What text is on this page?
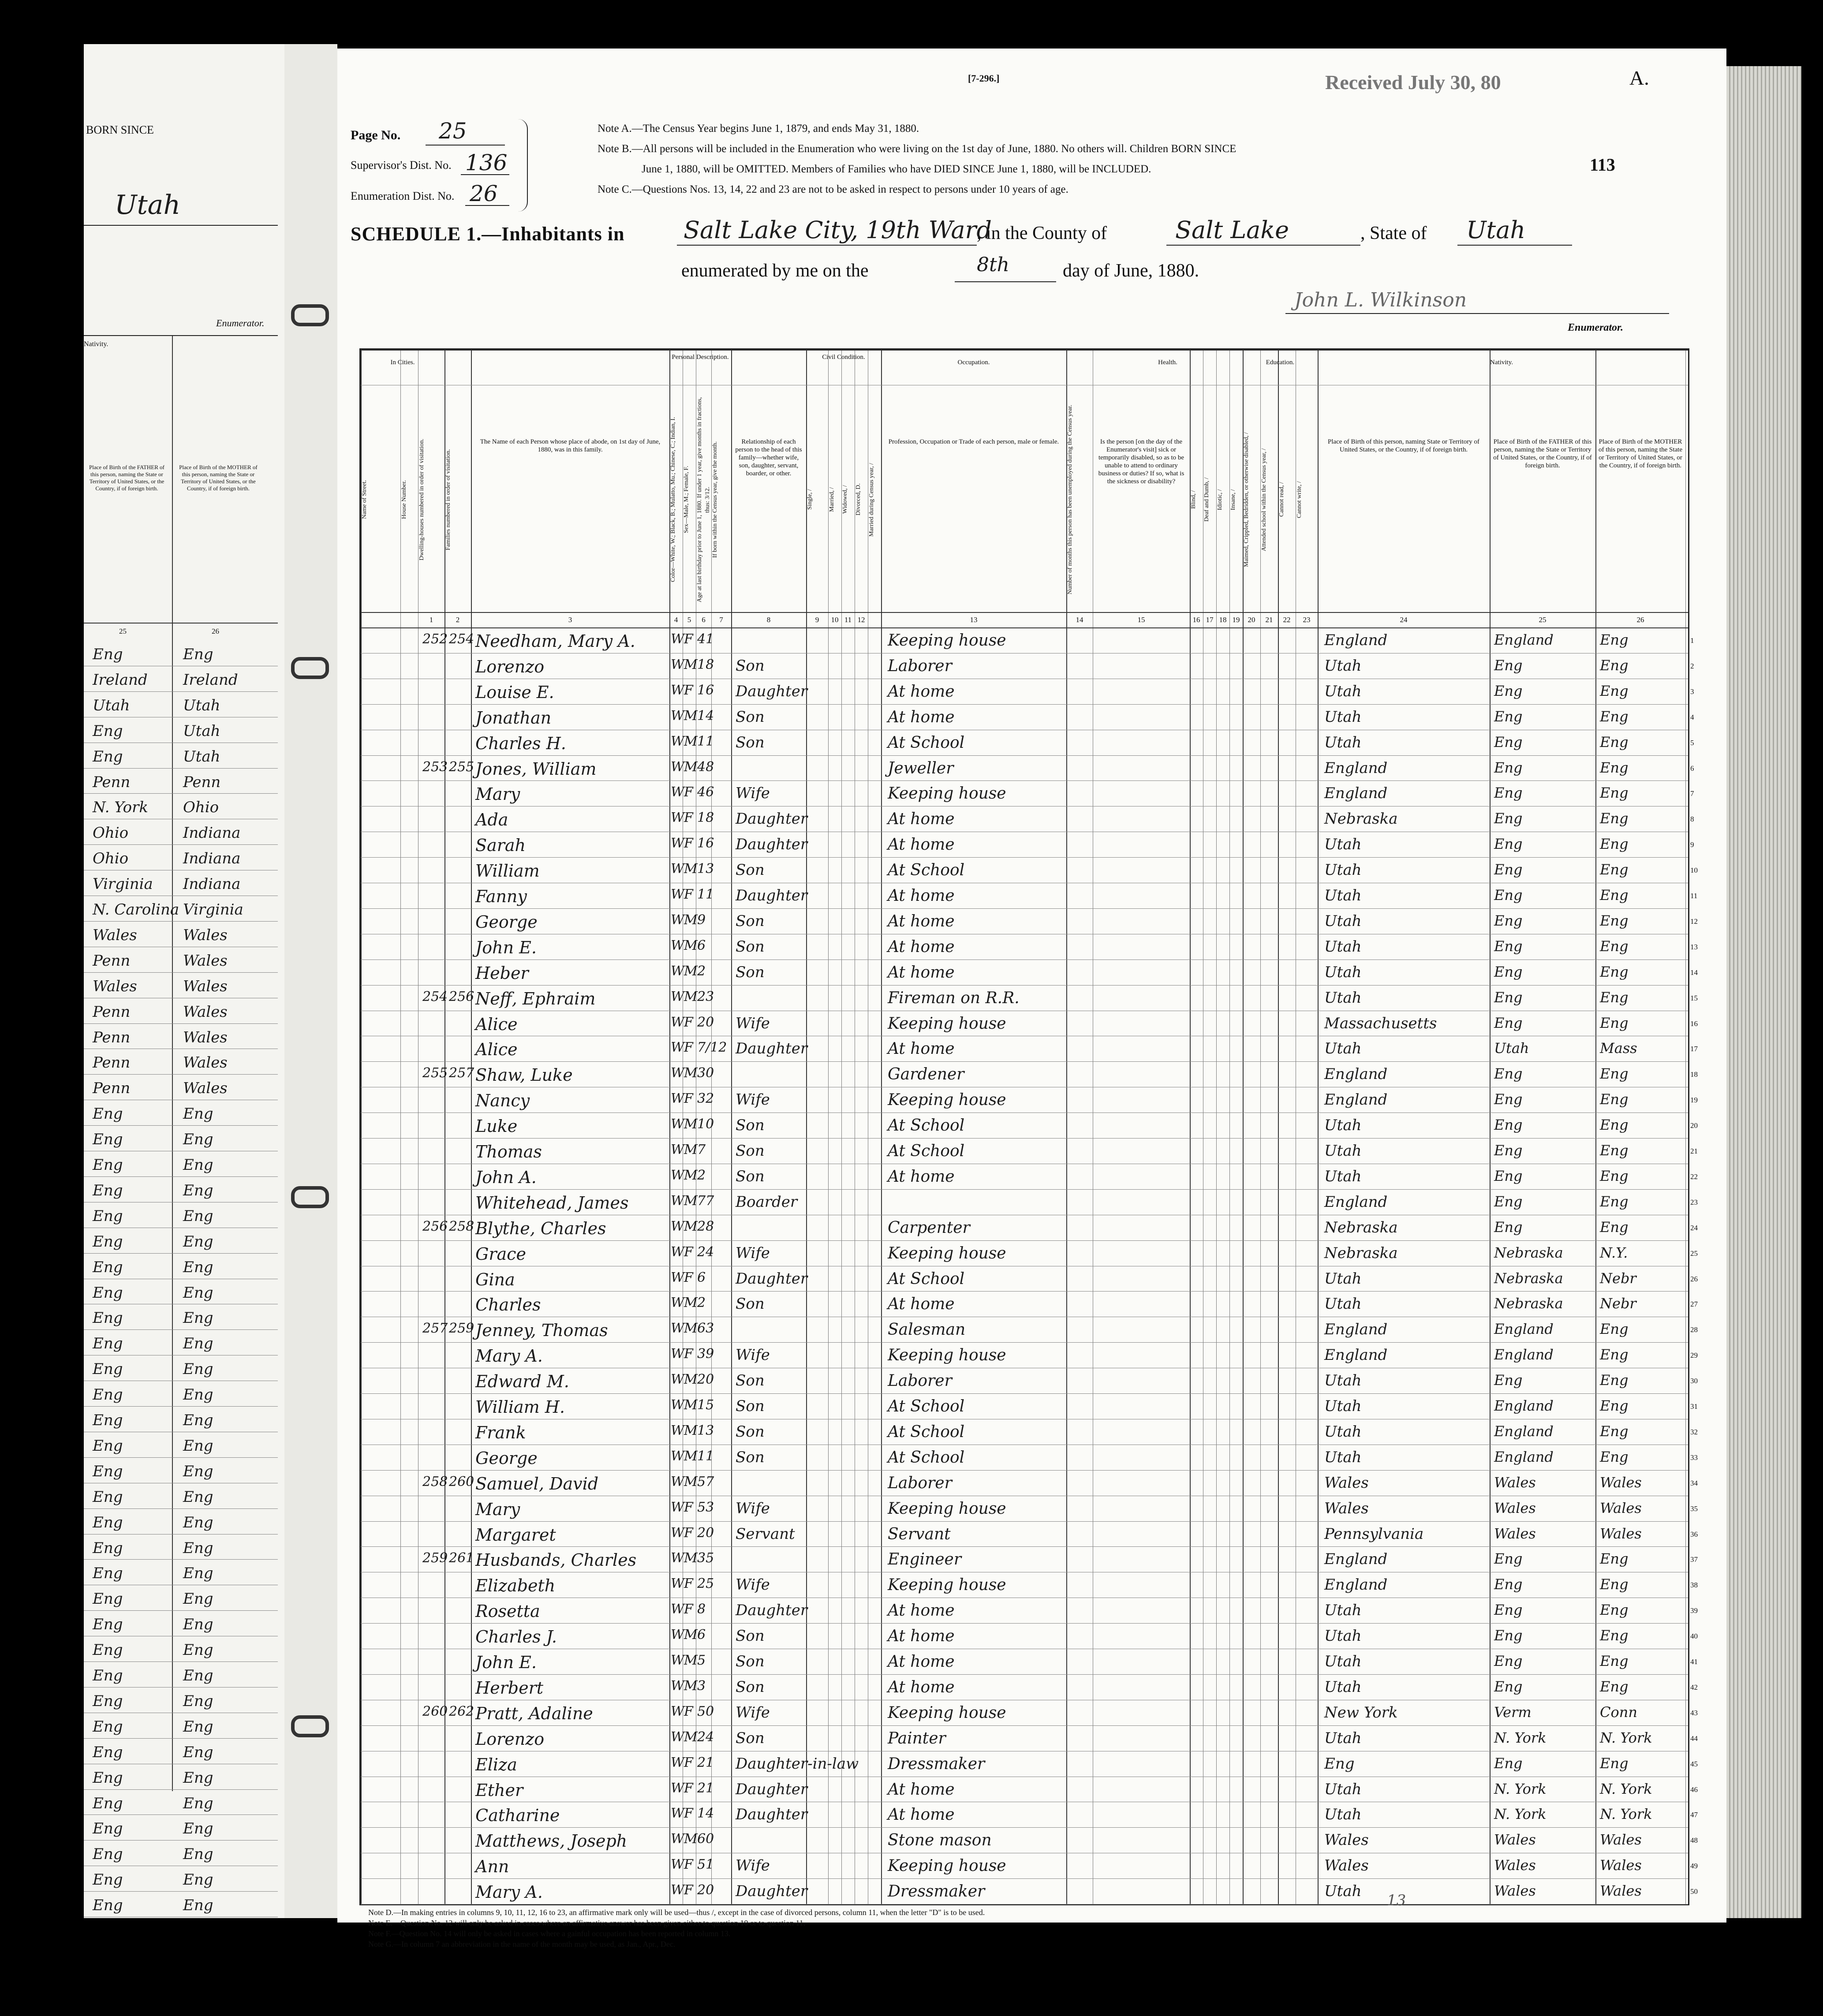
BORN SINCE
Utah
Enumerator.
Nativity.
Place of Birth of the FATHER of this person, naming the State or Territory of United States, or the Country, if of foreign birth.
Place of Birth of the MOTHER of this person, naming the State or Territory of United States, or the Country, if of foreign birth.
25	26
Eng	Eng
Ireland Ireland
Utah	Utah
Eng	Utah
Eng	Utah
Penn	Penn
N. York Ohio
Ohio	Indiana
Ohio	Indiana
Virginia Indiana
N. Carolina Virginia
Wales	Wales
Penn	Wales
Wales	Wales
Penn	Wales
Penn	Wales
Penn	Wales
Penn	Wales
Eng	Eng
Eng	Eng
Eng	Eng
Eng	Eng
Eng	Eng
Eng	Eng
Eng	Eng
Eng	Eng
Eng	Eng
Eng	Eng
Eng	Eng
Eng	Eng
Eng	Eng
Eng	Eng
Eng	Eng
Eng	Eng
Eng	Eng
Eng	Eng
Eng	Eng
Eng	Eng
Eng	Eng
Eng	Eng
Eng	Eng
Eng	Eng
Eng	Eng
Eng	Eng
Eng	Eng
Eng	Eng
Eng	Eng
Eng	Eng
Eng	Eng
Eng	Eng
[7-296.]	Received July 30, 80	A.
113
Page No. 25
Supervisor's Dist. No. 136
Enumeration Dist. No. 26
Note A.—The Census Year begins June 1, 1879, and ends May 31, 1880.
Note B.—All persons will be included in the Enumeration who were living on the 1st day of June, 1880. No others will. Children BORN SINCE
June 1, 1880, will be OMITTED. Members of Families who have DIED SINCE June 1, 1880, will be INCLUDED.
Note C.—Questions Nos. 13, 14, 22 and 23 are not to be asked in respect to persons under 10 years of age.
SCHEDULE 1.—Inhabitants in Salt Lake City, 19th Ward
, in the County of	Salt Lake	, State of Utah
enumerated by me on the	8th	day of June, 1880.
John L. Wilkinson
Enumerator.
In Cities.
Personal Description.	Civil Condition.
Occupation.	Health.	Education.	Nativity.
Name of Street.	House Number.	Dwelling-houses numbered in order of visitation.	Families numbered in order of visitation.
The Name of each Person whose place of abode, on 1st day of June, 1880, was in this family.	Color—White, W.; Black, B.; Mulatto, Mu.; Chinese, C.; Indian, I.	Sex—Male, M.; Female, F.	Age at last birthday prior to June 1, 1880. If under 1 year, give months in fractions, thus: 3/12. If born within the Census year, give the month.	Relationship of each person to the head of this family—whether wife, son, daughter, servant, boarder, or other.
Single, /	Married, /	Widowed, /	Divorced, D.	Married during Census year, /
Profession, Occupation or Trade of each person, male or female.	Number of months this person has been unemployed during the Census year.	Is the person [on the day of the Enumerator's visit] sick or temporarily disabled, so as to be unable to attend to ordinary business or duties? If so, what is the sickness or disability?
Blind, /	Deaf and Dumb, /	Idiotic, /	Insane, /	Maimed, Crippled, Bedridden, or otherwise disabled, /	Attended school within the Census year, /	Cannot read, /	Cannot write, /
Place of Birth of this person, naming State or Territory of United States, or the Country, if of foreign birth.
Place of Birth of the FATHER of this person, naming the State or Territory of United States, or the Country, if of foreign birth.
Place of Birth of the MOTHER of this person, naming the State or Territory of United States, or the Country, if of foreign birth.
1	2	3	4	5	6	7	8	9	10 11 12	13	14	15	16 17 18 19	20	21	22	23	24	25	26
252 254 Needham, Mary A.	W F 41	Keeping house	England	England	Eng	1
Lorenzo	W M 18 Son	Laborer	Utah	Eng	Eng	2
Louise E.	W F 16 Daughter	At home	Utah	Eng	Eng	3
Jonathan	W M 14 Son	At home	Utah	Eng	Eng	4
Charles H.	W M 11 Son	At School	Utah	Eng	Eng	5
253 255 Jones, William	W M 48	Jeweller	England	Eng	Eng	6
Mary	W F 46 Wife	Keeping house	England	Eng	Eng	7
Ada	W F 18 Daughter	At home	Nebraska	Eng	Eng	8
Sarah	W F 16 Daughter	At home	Utah	Eng	Eng	9
William	W M 13 Son	At School	Utah	Eng	Eng	10
Fanny	W F 11 Daughter	At home	Utah	Eng	Eng	11
George	W M 9 Son	At home	Utah	Eng	Eng	12
John E.	W M 6 Son	At home	Utah	Eng	Eng	13
Heber	W M 2 Son	At home	Utah	Eng	Eng	14
254 256 Neff, Ephraim	W M 23	Fireman on R.R.	Utah	Eng	Eng	15
Alice	W F 20 Wife	Keeping house	Massachusetts	Eng	Eng	16
Alice	W F 7/12 Daughter	At home	Utah	Utah	Mass	17
255 257 Shaw, Luke	W M 30	Gardener	England	Eng	Eng	18
Nancy	W F 32 Wife	Keeping house	England	Eng	Eng	19
Luke	W M 10 Son	At School	Utah	Eng	Eng	20
Thomas	W M 7 Son	At School	Utah	Eng	Eng	21
John A.	W M 2 Son	At home	Utah	Eng	Eng	22
Whitehead, James	W M 77 Boarder	England	Eng	Eng	23
256 258 Blythe, Charles	W M 28	Carpenter	Nebraska	Eng	Eng	24
Grace	W F 24 Wife	Keeping house	Nebraska	Nebraska	N.Y.	25
Gina	W F 6 Daughter	At School	Utah	Nebraska	Nebr	26
Charles	W M 2 Son	At home	Utah	Nebraska	Nebr	27
257 259 Jenney, Thomas	W M 63	Salesman	England	England	Eng	28
Mary A.	W F 39 Wife	Keeping house	England	England	Eng	29
Edward M.	W M 20 Son	Laborer	Utah	Eng	Eng	30
William H.	W M 15 Son	At School	Utah	England	Eng	31
Frank	W M 13 Son	At School	Utah	England	Eng	32
George	W M 11 Son	At School	Utah	England	Eng	33
258 260 Samuel, David	W M 57	Laborer	Wales	Wales	Wales	34
Mary	W F 53 Wife	Keeping house	Wales	Wales	Wales	35
Margaret	W F 20 Servant	Servant	Pennsylvania	Wales	Wales	36
259 261 Husbands, Charles	W M 35	Engineer	England	Eng	Eng	37
Elizabeth	W F 25 Wife	Keeping house	England	Eng	Eng	38
Rosetta	W F 8 Daughter	At home	Utah	Eng	Eng	39
Charles J.	W M 6 Son	At home	Utah	Eng	Eng	40
John E.	W M 5 Son	At home	Utah	Eng	Eng	41
Herbert	W M 3 Son	At home	Utah	Eng	Eng	42
260 262 Pratt, Adaline	W F 50 Wife	Keeping house	New York	Verm	Conn	43
Lorenzo	W M 24 Son	Painter	Utah	N. York	N. York	44
Eliza	W F 21 Daughter-in-law Dressmaker	Eng	Eng	Eng	45
Ether	W F 21 Daughter	At home	Utah	N. York	N. York	46
Catharine	W F 14 Daughter	At home	Utah	N. York	N. York	47
Matthews, Joseph	W M 60	Stone mason	Wales	Wales	Wales	48
Ann	W F 51 Wife	Keeping house	Wales	Wales	Wales	49
Mary A.	W F 20 Daughter	Dressmaker	Utah	Wales	Wales	50
Note D.—In making entries in columns 9, 10, 11, 12, 16 to 23, an affirmative mark only will be used—thus /, except in the case of divorced persons, column 11, when the letter "D" is to be used.
Note E.—Question No. 12 will only be asked in cases where an affirmative answer has been given either to question 10 or to question 11.
Note F.—Question No. 14 will only be asked in cases where a gainful occupation has been reported in column 13.
Note G.—In column 7 an abbreviation in the name of the month may be used, as Jan., Apr., Dec.
13
